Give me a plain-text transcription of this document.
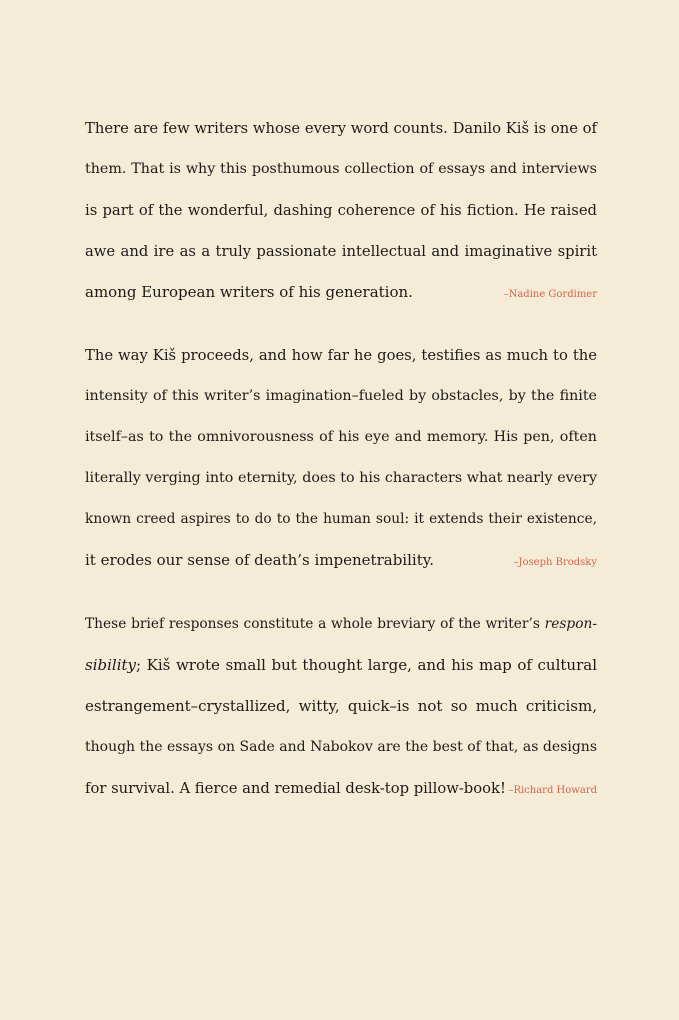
There are few writers whose every word counts. Danilo Kiš is one of
them. That is why this posthumous collection of essays and interviews
is part of the wonderful, dashing coherence of his fiction. He raised
awe and ire as a truly passionate intellectual and imaginative spirit
among European writers of his generation.	–Nadine Gordimer
The way Kiš proceeds, and how far he goes, testifies as much to the
intensity of this writer’s imagination–fueled by obstacles, by the finite
itself–as to the omnivorousness of his eye and memory. His pen, often
literally verging into eternity, does to his characters what nearly every
known creed aspires to do to the human soul: it extends their existence,
it erodes our sense of death’s impenetrability.	–Joseph Brodsky
These brief responses constitute a whole breviary of the writer’s respon-
sibility; Kiš wrote small but thought large, and his map of cultural
estrangement–crystallized, witty, quick–is not so much criticism,
though the essays on Sade and Nabokov are the best of that, as designs
for survival. A fierce and remedial desk-top pillow-book! –Richard Howard
